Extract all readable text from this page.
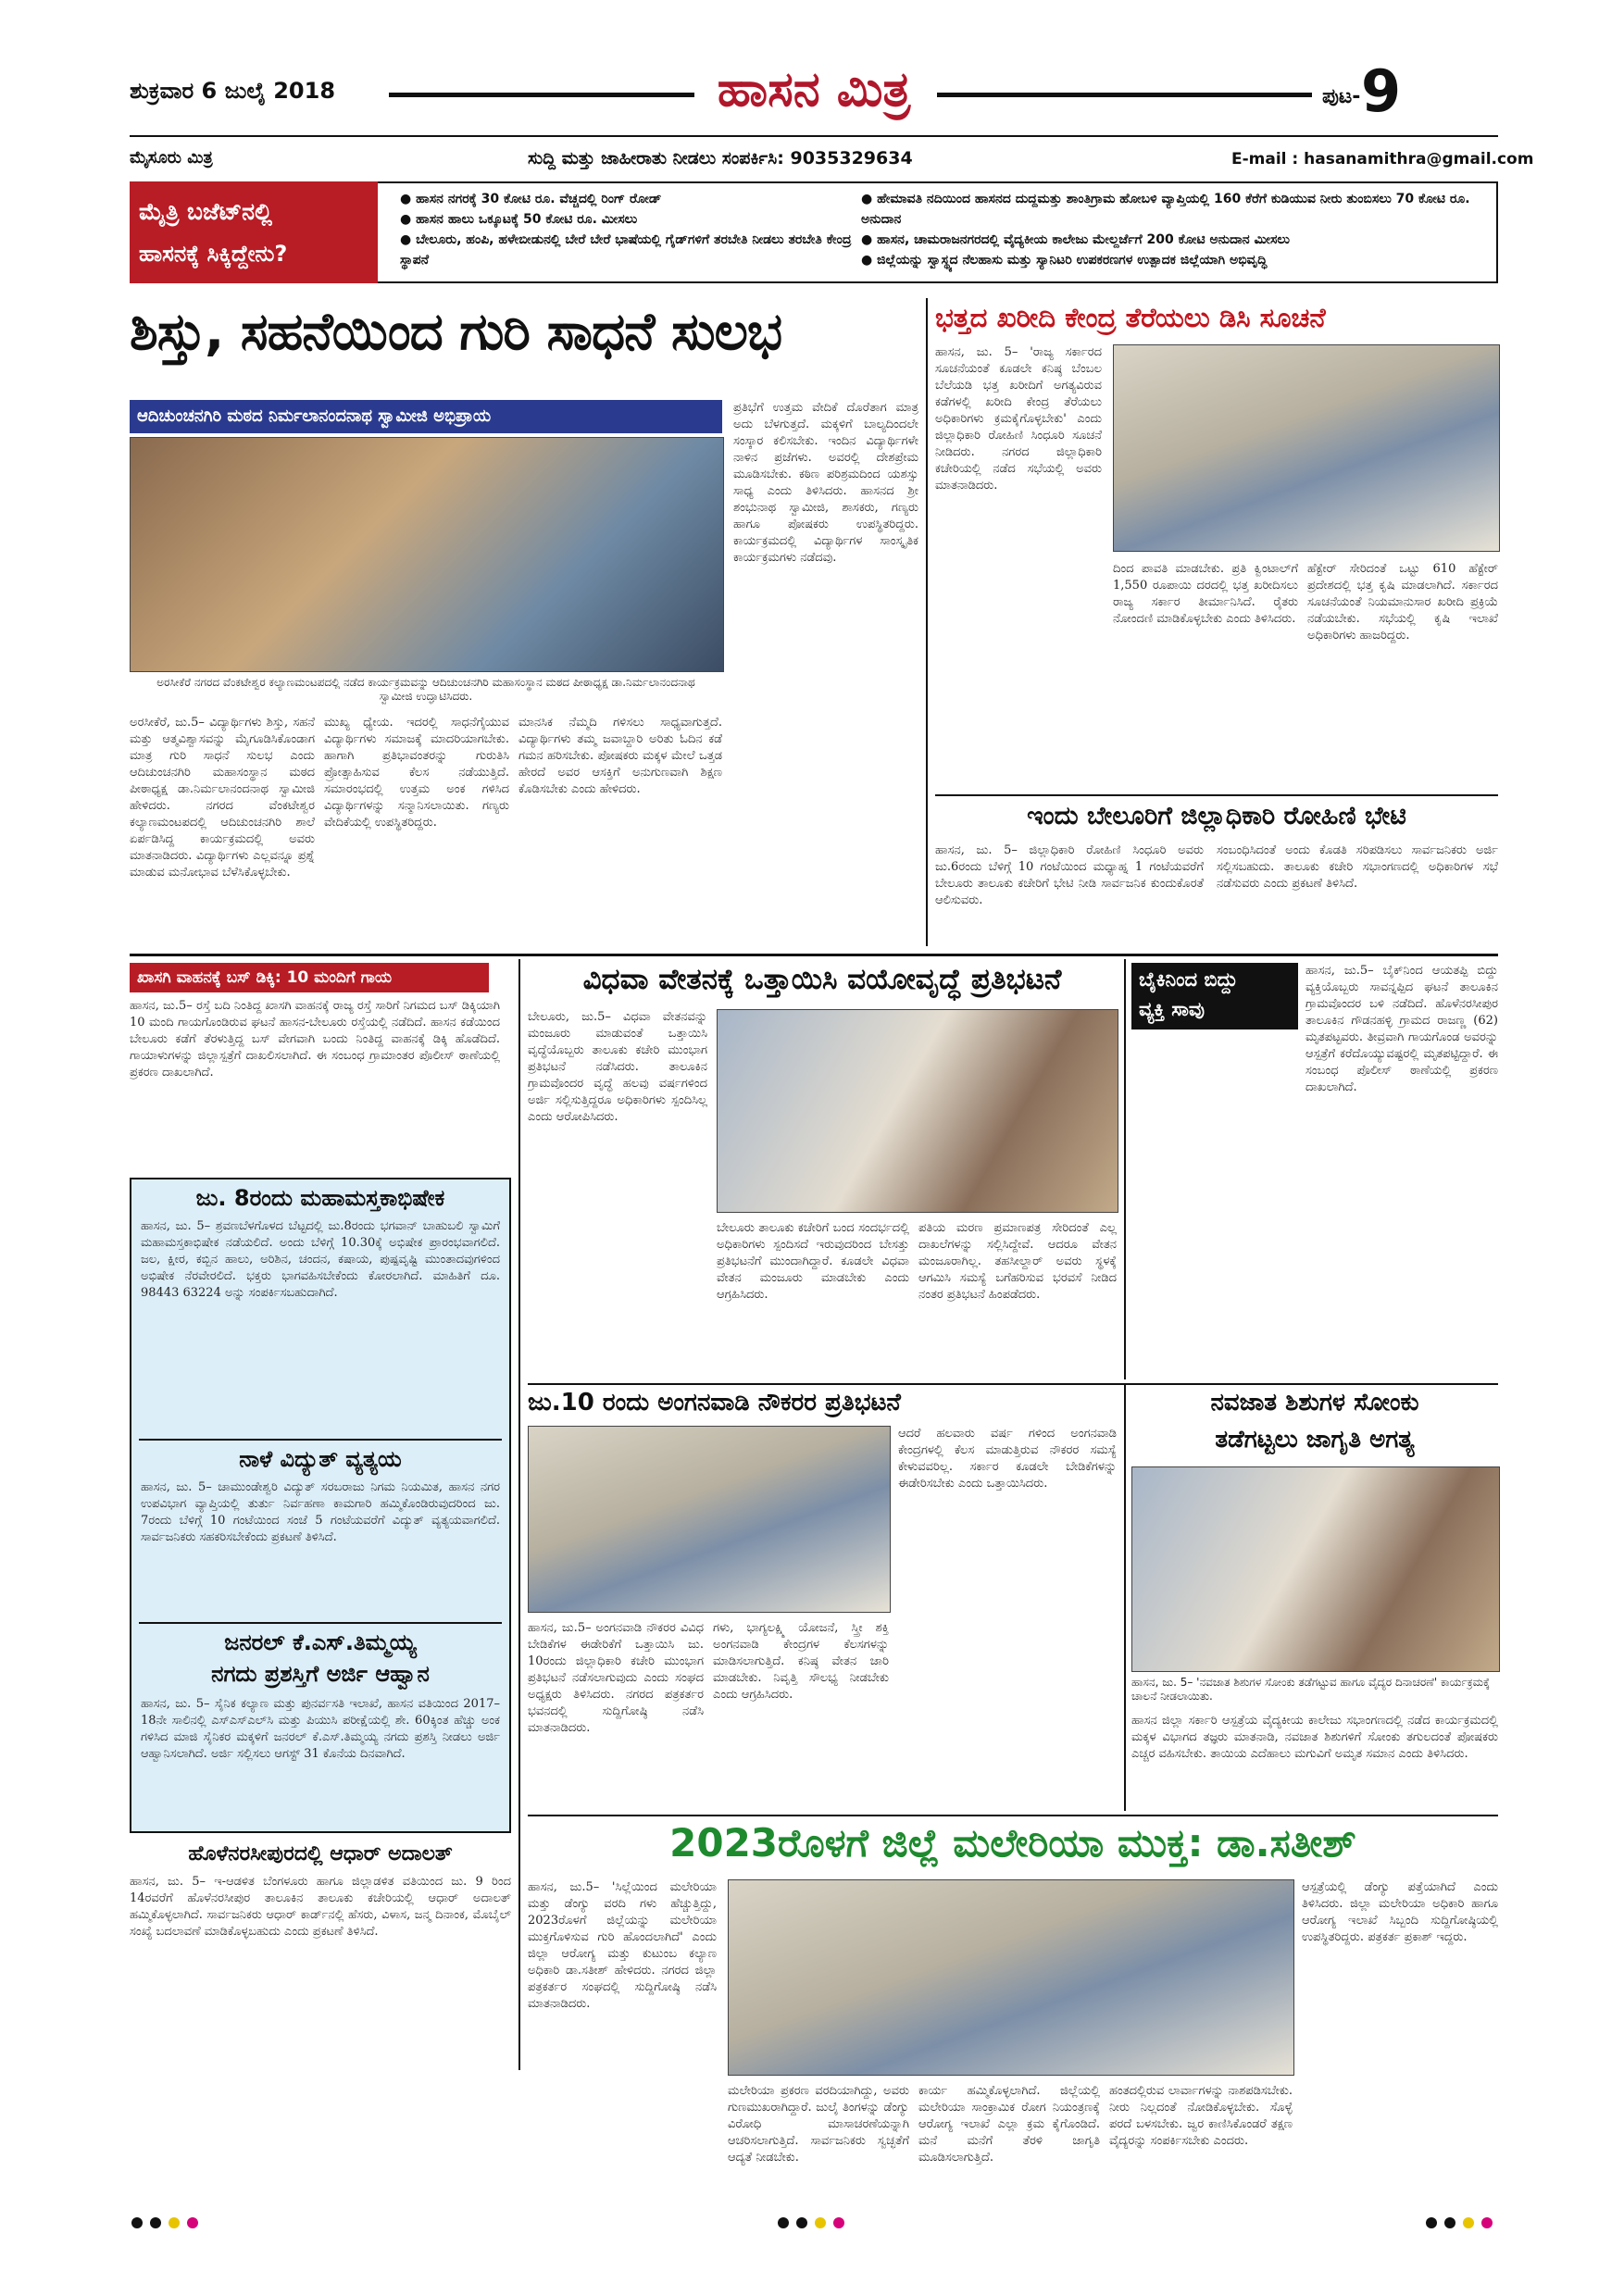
ಶುಕ್ರವಾರ 6 ಜುಲೈ 2018	ಹಾಸನ ಮಿತ್ರ	ಪುಟ- 9
ಮೈಸೂರು ಮಿತ್ರ	ಸುದ್ದಿ ಮತ್ತು ಜಾಹೀರಾತು ನೀಡಲು ಸಂಪರ್ಕಿಸಿ: 9035329634	E-mail : hasanamithra@gmail.com
ಮೈತ್ರಿ ಬಜೆಟ್‌ನಲ್ಲಿ
ಹಾಸನಕ್ಕೆ ಸಿಕ್ಕಿದ್ದೇನು?
● ಹಾಸನ ನಗರಕ್ಕೆ 30 ಕೋಟಿ ರೂ. ವೆಚ್ಚದಲ್ಲಿ ರಿಂಗ್ ರೋಡ್
● ಹಾಸನ ಹಾಲು ಒಕ್ಕೂಟಕ್ಕೆ 50 ಕೋಟಿ ರೂ. ಮೀಸಲು
● ಬೇಲೂರು, ಹಂಪಿ, ಹಳೇಬೀಡುನಲ್ಲಿ ಬೇರೆ ಬೇರೆ ಭಾಷೆಯಲ್ಲಿ ಗೈಡ್‌ಗಳಿಗೆ ತರಬೇತಿ ನೀಡಲು ತರಬೇತಿ ಕೇಂದ್ರ ಸ್ಥಾಪನೆ
● ಹೇಮಾವತಿ ನದಿಯಿಂದ ಹಾಸನದ ದುದ್ದಮತ್ತು ಶಾಂತಿಗ್ರಾಮ ಹೋಬಳಿ ವ್ಯಾಪ್ತಿಯಲ್ಲಿ 160 ಕೆರೆಗೆ ಕುಡಿಯುವ ನೀರು ತುಂಬಿಸಲು 70 ಕೋಟಿ ರೂ. ಅನುದಾನ
● ಹಾಸನ, ಚಾಮರಾಜನಗರದಲ್ಲಿ ವೈದ್ಯಕೀಯ ಕಾಲೇಜು ಮೇಲ್ದರ್ಜೆಗೆ 200 ಕೋಟಿ ಅನುದಾನ ಮೀಸಲು
● ಜಿಲ್ಲೆಯನ್ನು ಸ್ವಾಸ್ಥ್ಯದ ನೆಲಹಾಸು ಮತ್ತು ಸ್ಯಾನಿಟರಿ ಉಪಕರಣಗಳ ಉತ್ಪಾದಕ ಜಿಲ್ಲೆಯಾಗಿ ಅಭಿವೃದ್ಧಿ
ಶಿಸ್ತು, ಸಹನೆಯಿಂದ ಗುರಿ ಸಾಧನೆ ಸುಲಭ
ಆದಿಚುಂಚನಗಿರಿ ಮಠದ ನಿರ್ಮಲಾನಂದನಾಥ ಸ್ವಾಮೀಜಿ ಅಭಿಪ್ರಾಯ
ಅರಸೀಕೆರೆ ನಗರದ ವೆಂಕಟೇಶ್ವರ ಕಲ್ಯಾಣಮಂಟಪದಲ್ಲಿ ನಡೆದ ಕಾರ್ಯಕ್ರಮವನ್ನು ಆದಿಚುಂಚನಗಿರಿ ಮಹಾಸಂಸ್ಥಾನ ಮಠದ ಪೀಠಾಧ್ಯಕ್ಷ ಡಾ.ನಿರ್ಮಲಾನಂದನಾಥ ಸ್ವಾಮೀಜಿ ಉದ್ಘಾಟಿಸಿದರು.
ಅರಸೀಕೆರೆ, ಜು.5– ವಿದ್ಯಾರ್ಥಿಗಳು ಶಿಸ್ತು, ಸಹನೆ ಮತ್ತು ಆತ್ಮವಿಶ್ವಾಸವನ್ನು ಮೈಗೂಡಿಸಿಕೊಂಡಾಗ ಮಾತ್ರ ಗುರಿ ಸಾಧನೆ ಸುಲಭ ಎಂದು ಆದಿಚುಂಚನಗಿರಿ ಮಹಾಸಂಸ್ಥಾನ ಮಠದ ಪೀಠಾಧ್ಯಕ್ಷ ಡಾ.ನಿರ್ಮಲಾನಂದನಾಥ ಸ್ವಾಮೀಜಿ ಹೇಳಿದರು. ನಗರದ ವೆಂಕಟೇಶ್ವರ ಕಲ್ಯಾಣಮಂಟಪದಲ್ಲಿ ಆದಿಚುಂಚನಗಿರಿ ಶಾಲೆ ಏರ್ಪಡಿಸಿದ್ದ ಕಾರ್ಯಕ್ರಮದಲ್ಲಿ ಅವರು ಮಾತನಾಡಿದರು. ವಿದ್ಯಾರ್ಥಿಗಳು ಎಲ್ಲವನ್ನೂ ಪ್ರಶ್ನೆ ಮಾಡುವ ಮನೋಭಾವ ಬೆಳೆಸಿಕೊಳ್ಳಬೇಕು.
ಮುಖ್ಯ ಧ್ಯೇಯ. ಇದರಲ್ಲಿ ಸಾಧನೆಗೈಯುವ ವಿದ್ಯಾರ್ಥಿಗಳು ಸಮಾಜಕ್ಕೆ ಮಾದರಿಯಾಗಬೇಕು. ಹಾಗಾಗಿ ಪ್ರತಿಭಾವಂತರನ್ನು ಗುರುತಿಸಿ ಪ್ರೋತ್ಸಾಹಿಸುವ ಕೆಲಸ ನಡೆಯುತ್ತಿದೆ. ಸಮಾರಂಭದಲ್ಲಿ ಉತ್ತಮ ಅಂಕ ಗಳಿಸಿದ ವಿದ್ಯಾರ್ಥಿಗಳನ್ನು ಸನ್ಮಾನಿಸಲಾಯಿತು. ಗಣ್ಯರು ವೇದಿಕೆಯಲ್ಲಿ ಉಪಸ್ಥಿತರಿದ್ದರು.
ಮಾನಸಿಕ ನೆಮ್ಮದಿ ಗಳಿಸಲು ಸಾಧ್ಯವಾಗುತ್ತದೆ. ವಿದ್ಯಾರ್ಥಿಗಳು ತಮ್ಮ ಜವಾಬ್ದಾರಿ ಅರಿತು ಓದಿನ ಕಡೆ ಗಮನ ಹರಿಸಬೇಕು. ಪೋಷಕರು ಮಕ್ಕಳ ಮೇಲೆ ಒತ್ತಡ ಹೇರದೆ ಅವರ ಆಸಕ್ತಿಗೆ ಅನುಗುಣವಾಗಿ ಶಿಕ್ಷಣ ಕೊಡಿಸಬೇಕು ಎಂದು ಹೇಳಿದರು.
ಪ್ರತಿಭೆಗೆ ಉತ್ತಮ ವೇದಿಕೆ ದೊರೆತಾಗ ಮಾತ್ರ ಅದು ಬೆಳಗುತ್ತದೆ. ಮಕ್ಕಳಿಗೆ ಬಾಲ್ಯದಿಂದಲೇ ಸಂಸ್ಕಾರ ಕಲಿಸಬೇಕು. ಇಂದಿನ ವಿದ್ಯಾರ್ಥಿಗಳೇ ನಾಳಿನ ಪ್ರಜೆಗಳು. ಅವರಲ್ಲಿ ದೇಶಪ್ರೇಮ ಮೂಡಿಸಬೇಕು. ಕಠಿಣ ಪರಿಶ್ರಮದಿಂದ ಯಶಸ್ಸು ಸಾಧ್ಯ ಎಂದು ತಿಳಿಸಿದರು. ಹಾಸನದ ಶ್ರೀ ಶಂಭುನಾಥ ಸ್ವಾಮೀಜಿ, ಶಾಸಕರು, ಗಣ್ಯರು ಹಾಗೂ ಪೋಷಕರು ಉಪಸ್ಥಿತರಿದ್ದರು. ಕಾರ್ಯಕ್ರಮದಲ್ಲಿ ವಿದ್ಯಾರ್ಥಿಗಳ ಸಾಂಸ್ಕೃತಿಕ ಕಾರ್ಯಕ್ರಮಗಳು ನಡೆದವು.
ಭತ್ತದ ಖರೀದಿ ಕೇಂದ್ರ ತೆರೆಯಲು ಡಿಸಿ ಸೂಚನೆ
ಹಾಸನ, ಜು. 5– 'ರಾಜ್ಯ ಸರ್ಕಾರದ ಸೂಚನೆಯಂತೆ ಕೂಡಲೇ ಕನಿಷ್ಠ ಬೆಂಬಲ ಬೆಲೆಯಡಿ ಭತ್ತ ಖರೀದಿಗೆ ಅಗತ್ಯವಿರುವ ಕಡೆಗಳಲ್ಲಿ ಖರೀದಿ ಕೇಂದ್ರ ತೆರೆಯಲು ಅಧಿಕಾರಿಗಳು ಕ್ರಮಕೈಗೊಳ್ಳಬೇಕು' ಎಂದು ಜಿಲ್ಲಾಧಿಕಾರಿ ರೋಹಿಣಿ ಸಿಂಧೂರಿ ಸೂಚನೆ ನೀಡಿದರು. ನಗರದ ಜಿಲ್ಲಾಧಿಕಾರಿ ಕಚೇರಿಯಲ್ಲಿ ನಡೆದ ಸಭೆಯಲ್ಲಿ ಅವರು ಮಾತನಾಡಿದರು.
ದಿಂದ ಪಾವತಿ ಮಾಡಬೇಕು. ಪ್ರತಿ ಕ್ವಿಂಟಾಲ್‌ಗೆ 1,550 ರೂಪಾಯಿ ದರದಲ್ಲಿ ಭತ್ತ ಖರೀದಿಸಲು ರಾಜ್ಯ ಸರ್ಕಾರ ತೀರ್ಮಾನಿಸಿದೆ. ರೈತರು ನೋಂದಣಿ ಮಾಡಿಕೊಳ್ಳಬೇಕು ಎಂದು ತಿಳಿಸಿದರು.
ಹೆಕ್ಟೇರ್ ಸೇರಿದಂತೆ ಒಟ್ಟು 610 ಹೆಕ್ಟೇರ್ ಪ್ರದೇಶದಲ್ಲಿ ಭತ್ತ ಕೃಷಿ ಮಾಡಲಾಗಿದೆ. ಸರ್ಕಾರದ ಸೂಚನೆಯಂತೆ ನಿಯಮಾನುಸಾರ ಖರೀದಿ ಪ್ರಕ್ರಿಯೆ ನಡೆಯಬೇಕು. ಸಭೆಯಲ್ಲಿ ಕೃಷಿ ಇಲಾಖೆ ಅಧಿಕಾರಿಗಳು ಹಾಜರಿದ್ದರು.
ಇಂದು ಬೇಲೂರಿಗೆ ಜಿಲ್ಲಾಧಿಕಾರಿ ರೋಹಿಣಿ ಭೇಟಿ
ಹಾಸನ, ಜು. 5– ಜಿಲ್ಲಾಧಿಕಾರಿ ರೋಹಿಣಿ ಸಿಂಧೂರಿ ಅವರು ಜು.6ರಂದು ಬೆಳಿಗ್ಗೆ 10 ಗಂಟೆಯಿಂದ ಮಧ್ಯಾಹ್ನ 1 ಗಂಟೆಯವರೆಗೆ ಬೇಲೂರು ತಾಲೂಕು ಕಚೇರಿಗೆ ಭೇಟಿ ನೀಡಿ ಸಾರ್ವಜನಿಕ ಕುಂದುಕೊರತೆ ಆಲಿಸುವರು.
ಸಂಬಂಧಿಸಿದಂತೆ ಅಂದು ಕೊಡತಿ ಸರಿಪಡಿಸಲು ಸಾರ್ವಜನಿಕರು ಅರ್ಜಿ ಸಲ್ಲಿಸಬಹುದು. ತಾಲೂಕು ಕಚೇರಿ ಸಭಾಂಗಣದಲ್ಲಿ ಅಧಿಕಾರಿಗಳ ಸಭೆ ನಡೆಸುವರು ಎಂದು ಪ್ರಕಟಣೆ ತಿಳಿಸಿದೆ.
ಖಾಸಗಿ ವಾಹನಕ್ಕೆ ಬಸ್ ಡಿಕ್ಕಿ: 10 ಮಂದಿಗೆ ಗಾಯ
ಹಾಸನ, ಜು.5– ರಸ್ತೆ ಬದಿ ನಿಂತಿದ್ದ ಖಾಸಗಿ ವಾಹನಕ್ಕೆ ರಾಜ್ಯ ರಸ್ತೆ ಸಾರಿಗೆ ನಿಗಮದ ಬಸ್ ಡಿಕ್ಕಿಯಾಗಿ 10 ಮಂದಿ ಗಾಯಗೊಂಡಿರುವ ಘಟನೆ ಹಾಸನ-ಬೇಲೂರು ರಸ್ತೆಯಲ್ಲಿ ನಡೆದಿದೆ. ಹಾಸನ ಕಡೆಯಿಂದ ಬೇಲೂರು ಕಡೆಗೆ ತೆರಳುತ್ತಿದ್ದ ಬಸ್ ವೇಗವಾಗಿ ಬಂದು ನಿಂತಿದ್ದ ವಾಹನಕ್ಕೆ ಡಿಕ್ಕಿ ಹೊಡೆದಿದೆ. ಗಾಯಾಳುಗಳನ್ನು ಜಿಲ್ಲಾಸ್ಪತ್ರೆಗೆ ದಾಖಲಿಸಲಾಗಿದೆ. ಈ ಸಂಬಂಧ ಗ್ರಾಮಾಂತರ ಪೊಲೀಸ್ ಠಾಣೆಯಲ್ಲಿ ಪ್ರಕರಣ ದಾಖಲಾಗಿದೆ.
ಜು. 8ರಂದು ಮಹಾಮಸ್ತಕಾಭಿಷೇಕ
ಹಾಸನ, ಜು. 5– ಶ್ರವಣಬೆಳಗೊಳದ ಬೆಟ್ಟದಲ್ಲಿ ಜು.8ರಂದು ಭಗವಾನ್ ಬಾಹುಬಲಿ ಸ್ವಾಮಿಗೆ ಮಹಾಮಸ್ತಕಾಭಿಷೇಕ ನಡೆಯಲಿದೆ. ಅಂದು ಬೆಳಿಗ್ಗೆ 10.30ಕ್ಕೆ ಅಭಿಷೇಕ ಪ್ರಾರಂಭವಾಗಲಿದೆ. ಜಲ, ಕ್ಷೀರ, ಕಬ್ಬಿನ ಹಾಲು, ಅರಿಶಿನ, ಚಂದನ, ಕಷಾಯ, ಪುಷ್ಪವೃಷ್ಟಿ ಮುಂತಾದವುಗಳಿಂದ ಅಭಿಷೇಕ ನೆರವೇರಲಿದೆ. ಭಕ್ತರು ಭಾಗವಹಿಸಬೇಕೆಂದು ಕೋರಲಾಗಿದೆ. ಮಾಹಿತಿಗೆ ದೂ. 98443 63224 ಅನ್ನು ಸಂಪರ್ಕಿಸಬಹುದಾಗಿದೆ.
ನಾಳೆ ವಿದ್ಯುತ್ ವ್ಯತ್ಯಯ
ಹಾಸನ, ಜು. 5– ಚಾಮುಂಡೇಶ್ವರಿ ವಿದ್ಯುತ್ ಸರಬರಾಜು ನಿಗಮ ನಿಯಮಿತ, ಹಾಸನ ನಗರ ಉಪವಿಭಾಗ ವ್ಯಾಪ್ತಿಯಲ್ಲಿ ತುರ್ತು ನಿರ್ವಹಣಾ ಕಾಮಗಾರಿ ಹಮ್ಮಿಕೊಂಡಿರುವುದರಿಂದ ಜು. 7ರಂದು ಬೆಳಿಗ್ಗೆ 10 ಗಂಟೆಯಿಂದ ಸಂಜೆ 5 ಗಂಟೆಯವರೆಗೆ ವಿದ್ಯುತ್ ವ್ಯತ್ಯಯವಾಗಲಿದೆ. ಸಾರ್ವಜನಿಕರು ಸಹಕರಿಸಬೇಕೆಂದು ಪ್ರಕಟಣೆ ತಿಳಿಸಿದೆ.
ಜನರಲ್ ಕೆ.ಎಸ್.ತಿಮ್ಮಯ್ಯ
ನಗದು ಪ್ರಶಸ್ತಿಗೆ ಅರ್ಜಿ ಆಹ್ವಾನ
ಹಾಸನ, ಜು. 5– ಸೈನಿಕ ಕಲ್ಯಾಣ ಮತ್ತು ಪುನರ್ವಸತಿ ಇಲಾಖೆ, ಹಾಸನ ವತಿಯಿಂದ 2017–18ನೇ ಸಾಲಿನಲ್ಲಿ ಎಸ್‌ಎಸ್‌ಎಲ್‌ಸಿ ಮತ್ತು ಪಿಯುಸಿ ಪರೀಕ್ಷೆಯಲ್ಲಿ ಶೇ. 60ಕ್ಕಿಂತ ಹೆಚ್ಚು ಅಂಕ ಗಳಿಸಿದ ಮಾಜಿ ಸೈನಿಕರ ಮಕ್ಕಳಿಗೆ ಜನರಲ್ ಕೆ.ಎಸ್.ತಿಮ್ಮಯ್ಯ ನಗದು ಪ್ರಶಸ್ತಿ ನೀಡಲು ಅರ್ಜಿ ಆಹ್ವಾನಿಸಲಾಗಿದೆ. ಅರ್ಜಿ ಸಲ್ಲಿಸಲು ಆಗಸ್ಟ್ 31 ಕೊನೆಯ ದಿನವಾಗಿದೆ.
ಹೊಳೆನರಸೀಪುರದಲ್ಲಿ ಆಧಾರ್ ಅದಾಲತ್
ಹಾಸನ, ಜು. 5– ಇ-ಆಡಳಿತ ಬೆಂಗಳೂರು ಹಾಗೂ ಜಿಲ್ಲಾಡಳಿತ ವತಿಯಿಂದ ಜು. 9 ರಿಂದ 14ರವರೆಗೆ ಹೊಳೆನರಸೀಪುರ ತಾಲೂಕಿನ ತಾಲೂಕು ಕಚೇರಿಯಲ್ಲಿ ಆಧಾರ್ ಅದಾಲತ್ ಹಮ್ಮಿಕೊಳ್ಳಲಾಗಿದೆ. ಸಾರ್ವಜನಿಕರು ಆಧಾರ್ ಕಾರ್ಡ್‌ನಲ್ಲಿ ಹೆಸರು, ವಿಳಾಸ, ಜನ್ಮ ದಿನಾಂಕ, ಮೊಬೈಲ್ ಸಂಖ್ಯೆ ಬದಲಾವಣೆ ಮಾಡಿಕೊಳ್ಳಬಹುದು ಎಂದು ಪ್ರಕಟಣೆ ತಿಳಿಸಿದೆ.
ವಿಧವಾ ವೇತನಕ್ಕೆ ಒತ್ತಾಯಿಸಿ ವಯೋವೃದ್ಧೆ ಪ್ರತಿಭಟನೆ
ಬೇಲೂರು, ಜು.5– ವಿಧವಾ ವೇತನವನ್ನು ಮಂಜೂರು ಮಾಡುವಂತೆ ಒತ್ತಾಯಿಸಿ ವೃದ್ಧೆಯೊಬ್ಬರು ತಾಲೂಕು ಕಚೇರಿ ಮುಂಭಾಗ ಪ್ರತಿಭಟನೆ ನಡೆಸಿದರು. ತಾಲೂಕಿನ ಗ್ರಾಮವೊಂದರ ವೃದ್ಧೆ ಹಲವು ವರ್ಷಗಳಿಂದ ಅರ್ಜಿ ಸಲ್ಲಿಸುತ್ತಿದ್ದರೂ ಅಧಿಕಾರಿಗಳು ಸ್ಪಂದಿಸಿಲ್ಲ ಎಂದು ಆರೋಪಿಸಿದರು.
ಬೇಲೂರು ತಾಲೂಕು ಕಚೇರಿಗೆ ಬಂದ ಸಂದರ್ಭದಲ್ಲಿ ಅಧಿಕಾರಿಗಳು ಸ್ಪಂದಿಸದೆ ಇರುವುದರಿಂದ ಬೇಸತ್ತು ಪ್ರತಿಭಟನೆಗೆ ಮುಂದಾಗಿದ್ದಾರೆ. ಕೂಡಲೇ ವಿಧವಾ ವೇತನ ಮಂಜೂರು ಮಾಡಬೇಕು ಎಂದು ಆಗ್ರಹಿಸಿದರು.
ಪತಿಯ ಮರಣ ಪ್ರಮಾಣಪತ್ರ ಸೇರಿದಂತೆ ಎಲ್ಲ ದಾಖಲೆಗಳನ್ನು ಸಲ್ಲಿಸಿದ್ದೇವೆ. ಆದರೂ ವೇತನ ಮಂಜೂರಾಗಿಲ್ಲ. ತಹಸೀಲ್ದಾರ್ ಅವರು ಸ್ಥಳಕ್ಕೆ ಆಗಮಿಸಿ ಸಮಸ್ಯೆ ಬಗೆಹರಿಸುವ ಭರವಸೆ ನೀಡಿದ ನಂತರ ಪ್ರತಿಭಟನೆ ಹಿಂಪಡೆದರು.
ಬೈಕಿನಿಂದ ಬಿದ್ದು
ವ್ಯಕ್ತಿ ಸಾವು
ಹಾಸನ, ಜು.5– ಬೈಕ್‌ನಿಂದ ಆಯತಪ್ಪಿ ಬಿದ್ದು ವ್ಯಕ್ತಿಯೊಬ್ಬರು ಸಾವನ್ನಪ್ಪಿದ ಘಟನೆ ತಾಲೂಕಿನ ಗ್ರಾಮವೊಂದರ ಬಳಿ ನಡೆದಿದೆ. ಹೊಳೆನರಸೀಪುರ ತಾಲೂಕಿನ ಗೌಡನಹಳ್ಳಿ ಗ್ರಾಮದ ರಾಜಣ್ಣ (62) ಮೃತಪಟ್ಟವರು. ತೀವ್ರವಾಗಿ ಗಾಯಗೊಂಡ ಅವರನ್ನು ಆಸ್ಪತ್ರೆಗೆ ಕರೆದೊಯ್ಯುವಷ್ಟರಲ್ಲಿ ಮೃತಪಟ್ಟಿದ್ದಾರೆ. ಈ ಸಂಬಂಧ ಪೊಲೀಸ್ ಠಾಣೆಯಲ್ಲಿ ಪ್ರಕರಣ ದಾಖಲಾಗಿದೆ.
ಜು.10 ರಂದು ಅಂಗನವಾಡಿ ನೌಕರರ ಪ್ರತಿಭಟನೆ
ಹಾಸನ, ಜು.5– ಅಂಗನವಾಡಿ ನೌಕರರ ವಿವಿಧ ಬೇಡಿಕೆಗಳ ಈಡೇರಿಕೆಗೆ ಒತ್ತಾಯಿಸಿ ಜು. 10ರಂದು ಜಿಲ್ಲಾಧಿಕಾರಿ ಕಚೇರಿ ಮುಂಭಾಗ ಪ್ರತಿಭಟನೆ ನಡೆಸಲಾಗುವುದು ಎಂದು ಸಂಘದ ಅಧ್ಯಕ್ಷರು ತಿಳಿಸಿದರು. ನಗರದ ಪತ್ರಕರ್ತರ ಭವನದಲ್ಲಿ ಸುದ್ದಿಗೋಷ್ಠಿ ನಡೆಸಿ ಮಾತನಾಡಿದರು.
ಗಳು, ಭಾಗ್ಯಲಕ್ಷ್ಮಿ ಯೋಜನೆ, ಸ್ತ್ರೀ ಶಕ್ತಿ ಅಂಗನವಾಡಿ ಕೇಂದ್ರಗಳ ಕೆಲಸಗಳನ್ನು ಮಾಡಿಸಲಾಗುತ್ತಿದೆ. ಕನಿಷ್ಠ ವೇತನ ಜಾರಿ ಮಾಡಬೇಕು. ನಿವೃತ್ತಿ ಸೌಲಭ್ಯ ನೀಡಬೇಕು ಎಂದು ಆಗ್ರಹಿಸಿದರು.
ಆದರೆ ಹಲವಾರು ವರ್ಷ ಗಳಿಂದ ಅಂಗನವಾಡಿ ಕೇಂದ್ರಗಳಲ್ಲಿ ಕೆಲಸ ಮಾಡುತ್ತಿರುವ ನೌಕರರ ಸಮಸ್ಯೆ ಕೇಳುವವರಿಲ್ಲ. ಸರ್ಕಾರ ಕೂಡಲೇ ಬೇಡಿಕೆಗಳನ್ನು ಈಡೇರಿಸಬೇಕು ಎಂದು ಒತ್ತಾಯಿಸಿದರು.
ನವಜಾತ ಶಿಶುಗಳ ಸೋಂಕು
ತಡೆಗಟ್ಟಲು ಜಾಗೃತಿ ಅಗತ್ಯ
ಹಾಸನ, ಜು. 5– 'ನವಜಾತ ಶಿಶುಗಳ ಸೋಂಕು ತಡೆಗಟ್ಟುವ ಹಾಗೂ ವೈದ್ಯರ ದಿನಾಚರಣೆ' ಕಾರ್ಯಕ್ರಮಕ್ಕೆ ಚಾಲನೆ ನೀಡಲಾಯಿತು.
ಹಾಸನ ಜಿಲ್ಲಾ ಸರ್ಕಾರಿ ಆಸ್ಪತ್ರೆಯ ವೈದ್ಯಕೀಯ ಕಾಲೇಜು ಸಭಾಂಗಣದಲ್ಲಿ ನಡೆದ ಕಾರ್ಯಕ್ರಮದಲ್ಲಿ ಮಕ್ಕಳ ವಿಭಾಗದ ತಜ್ಞರು ಮಾತನಾಡಿ, ನವಜಾತ ಶಿಶುಗಳಿಗೆ ಸೋಂಕು ತಗುಲದಂತೆ ಪೋಷಕರು ಎಚ್ಚರ ವಹಿಸಬೇಕು. ತಾಯಿಯ ಎದೆಹಾಲು ಮಗುವಿಗೆ ಅಮೃತ ಸಮಾನ ಎಂದು ತಿಳಿಸಿದರು.
2023ರೊಳಗೆ ಜಿಲ್ಲೆ ಮಲೇರಿಯಾ ಮುಕ್ತ: ಡಾ.ಸತೀಶ್
ಹಾಸನ, ಜು.5– 'ಸಿಲ್ಲೆಯಿಂದ ಮಲೇರಿಯಾ ಮತ್ತು ಡೆಂಗ್ಯು ವರದಿ ಗಳು ಹೆಚ್ಚುತ್ತಿದ್ದು, 2023ರೊಳಗೆ ಜಿಲ್ಲೆಯನ್ನು ಮಲೇರಿಯಾ ಮುಕ್ತಗೊಳಿಸುವ ಗುರಿ ಹೊಂದಲಾಗಿದೆ' ಎಂದು ಜಿಲ್ಲಾ ಆರೋಗ್ಯ ಮತ್ತು ಕುಟುಂಬ ಕಲ್ಯಾಣ ಅಧಿಕಾರಿ ಡಾ.ಸತೀಶ್ ಹೇಳಿದರು. ನಗರದ ಜಿಲ್ಲಾ ಪತ್ರಕರ್ತರ ಸಂಘದಲ್ಲಿ ಸುದ್ದಿಗೋಷ್ಠಿ ನಡೆಸಿ ಮಾತನಾಡಿದರು.
ಆಸ್ಪತ್ರೆಯಲ್ಲಿ ಡೆಂಗ್ಯು ಪತ್ತೆಯಾಗಿದೆ ಎಂದು ತಿಳಿಸಿದರು. ಜಿಲ್ಲಾ ಮಲೇರಿಯಾ ಅಧಿಕಾರಿ ಹಾಗೂ ಆರೋಗ್ಯ ಇಲಾಖೆ ಸಿಬ್ಬಂದಿ ಸುದ್ದಿಗೋಷ್ಠಿಯಲ್ಲಿ ಉಪಸ್ಥಿತರಿದ್ದರು. ಪತ್ರಕರ್ತ ಪ್ರಕಾಶ್ ಇದ್ದರು.
ಮಲೇರಿಯಾ ಪ್ರಕರಣ ವರದಿಯಾಗಿದ್ದು, ಅವರು ಗುಣಮುಖರಾಗಿದ್ದಾರೆ. ಜುಲೈ ತಿಂಗಳನ್ನು ಡೆಂಗ್ಯು ವಿರೋಧಿ ಮಾಸಾಚರಣೆಯನ್ನಾಗಿ ಆಚರಿಸಲಾಗುತ್ತಿದೆ. ಸಾರ್ವಜನಿಕರು ಸ್ವಚ್ಛತೆಗೆ ಆದ್ಯತೆ ನೀಡಬೇಕು.
ಕಾರ್ಯ ಹಮ್ಮಿಕೊಳ್ಳಲಾಗಿದೆ. ಜಿಲ್ಲೆಯಲ್ಲಿ ಮಲೇರಿಯಾ ಸಾಂಕ್ರಾಮಿಕ ರೋಗ ನಿಯಂತ್ರಣಕ್ಕೆ ಆರೋಗ್ಯ ಇಲಾಖೆ ಎಲ್ಲಾ ಕ್ರಮ ಕೈಗೊಂಡಿದೆ. ಮನೆ ಮನೆಗೆ ತೆರಳಿ ಜಾಗೃತಿ ಮೂಡಿಸಲಾಗುತ್ತಿದೆ.
ಹಂತದಲ್ಲಿರುವ ಲಾರ್ವಾಗಳನ್ನು ನಾಶಪಡಿಸಬೇಕು. ನೀರು ನಿಲ್ಲದಂತೆ ನೋಡಿಕೊಳ್ಳಬೇಕು. ಸೊಳ್ಳೆ ಪರದೆ ಬಳಸಬೇಕು. ಜ್ವರ ಕಾಣಿಸಿಕೊಂಡರೆ ತಕ್ಷಣ ವೈದ್ಯರನ್ನು ಸಂಪರ್ಕಿಸಬೇಕು ಎಂದರು.
